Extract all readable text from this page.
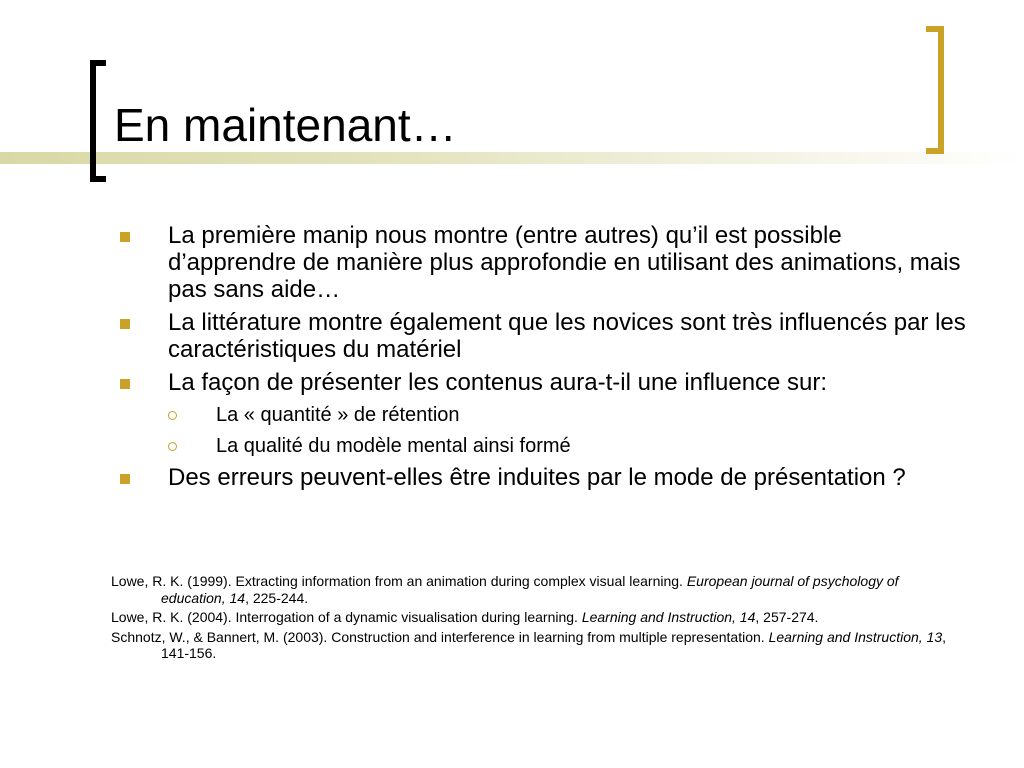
En maintenant…
La première manip nous montre (entre autres) qu’il est possible d’apprendre de manière plus approfondie en utilisant des animations, mais pas sans aide…
La littérature montre également que les novices sont très influencés par les caractéristiques du matériel
La façon de présenter les contenus aura-t-il une influence sur:
La « quantité » de rétention
La qualité du modèle mental ainsi formé
Des erreurs peuvent-elles être induites par le mode de présentation ?
Lowe, R. K. (1999). Extracting information from an animation during complex visual learning. European journal of psychology of education, 14, 225-244.
Lowe, R. K. (2004). Interrogation of a dynamic visualisation during learning. Learning and Instruction, 14, 257-274.
Schnotz, W., & Bannert, M. (2003). Construction and interference in learning from multiple representation. Learning and Instruction, 13, 141-156.
